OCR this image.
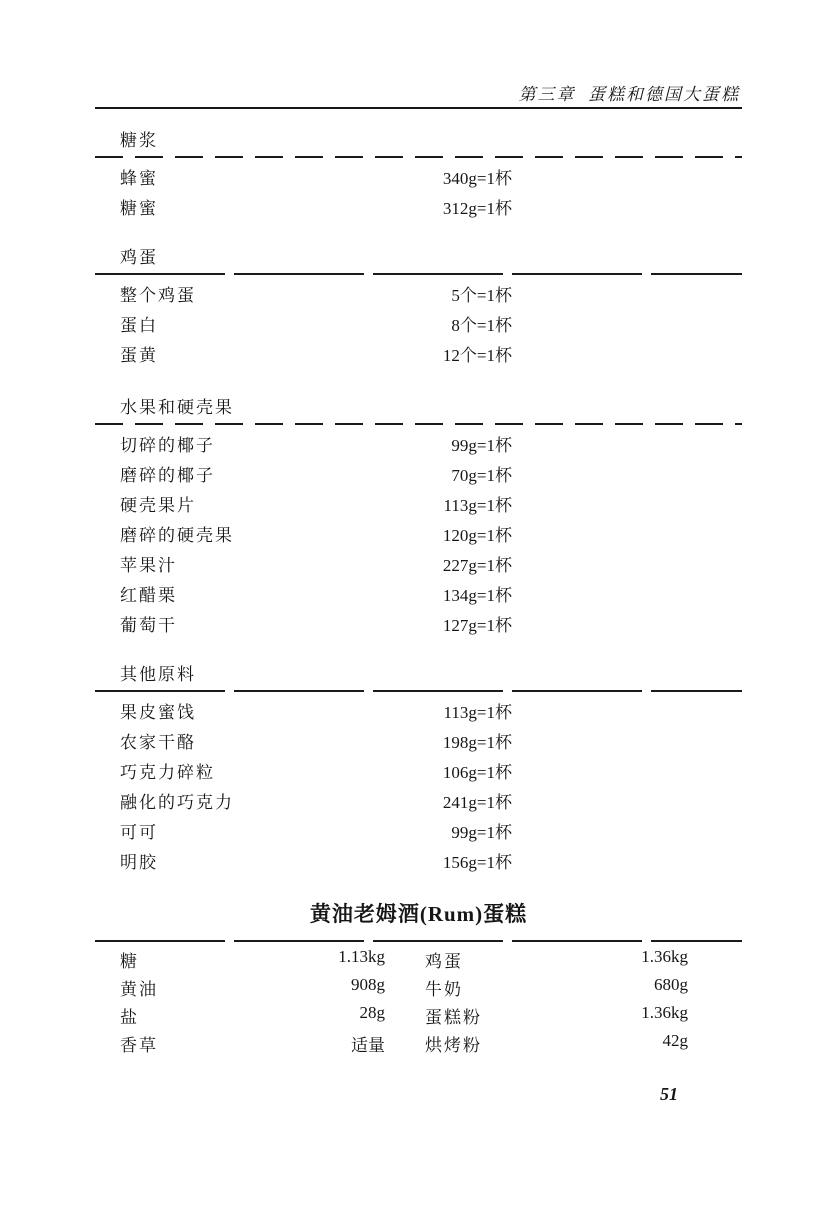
第三章  蛋糕和德国大蛋糕
糖浆
蜂蜜	340g=1杯
糖蜜	312g=1杯
鸡蛋
整个鸡蛋	5个=1杯
蛋白	8个=1杯
蛋黄	12个=1杯
水果和硬壳果
切碎的椰子	99g=1杯
磨碎的椰子	70g=1杯
硬壳果片	113g=1杯
磨碎的硬壳果	120g=1杯
苹果汁	227g=1杯
红醋栗	134g=1杯
葡萄干	127g=1杯
其他原料
果皮蜜饯	113g=1杯
农家干酪	198g=1杯
巧克力碎粒	106g=1杯
融化的巧克力	241g=1杯
可可	99g=1杯
明胶	156g=1杯
黄油老姆酒(Rum)蛋糕
糖	1.13kg 鸡蛋	1.36kg
黄油	908g 牛奶	680g
盐	28g 蛋糕粉	1.36kg
香草	适量 烘烤粉	42g
51
